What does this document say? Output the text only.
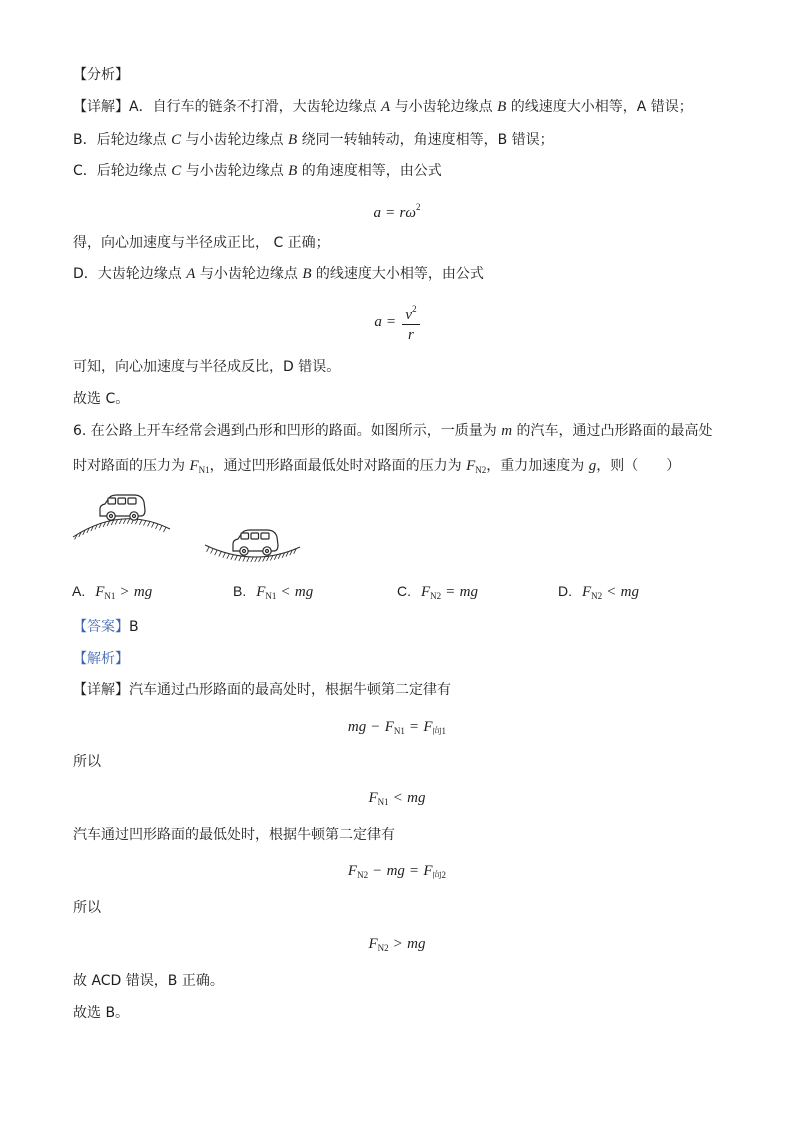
【分析】
【详解】A．自行车的链条不打滑，大齿轮边缘点 A 与小齿轮边缘点 B 的线速度大小相等，A 错误；
B．后轮边缘点 C 与小齿轮边缘点 B 绕同一转轴转动，角速度相等，B 错误；
C．后轮边缘点 C 与小齿轮边缘点 B 的角速度相等，由公式
$a = r\omega^2$
得，向心加速度与半径成正比， C 正确；
D．大齿轮边缘点 A 与小齿轮边缘点 B 的线速度大小相等，由公式
$a = \frac{v^2}{r}$
可知，向心加速度与半径成反比，D 错误。
故选 C。
6. 在公路上开车经常会遇到凸形和凹形的路面。如图所示，一质量为 m 的汽车，通过凸形路面的最高处
时对路面的压力为 $F_{N1}$，通过凹形路面最低处时对路面的压力为 $F_{N2}$，重力加速度为 g，则（　　）
A. $F_{N1}$ > mg	B. $F_{N1}$ < mg	C. $F_{N2}$ = mg	D. $F_{N2}$ < mg
【答案】B
【解析】
【详解】汽车通过凸形路面的最高处时，根据牛顿第二定律有
mg − $F_{N1} = F_{向1}$
所以
$F_{N1}$ < mg
汽车通过凹形路面的最低处时，根据牛顿第二定律有
$F_{N2}$ − mg = $F_{向2}$
所以
$F_{N2}$ > mg
故 ACD 错误，B 正确。
故选 B。
